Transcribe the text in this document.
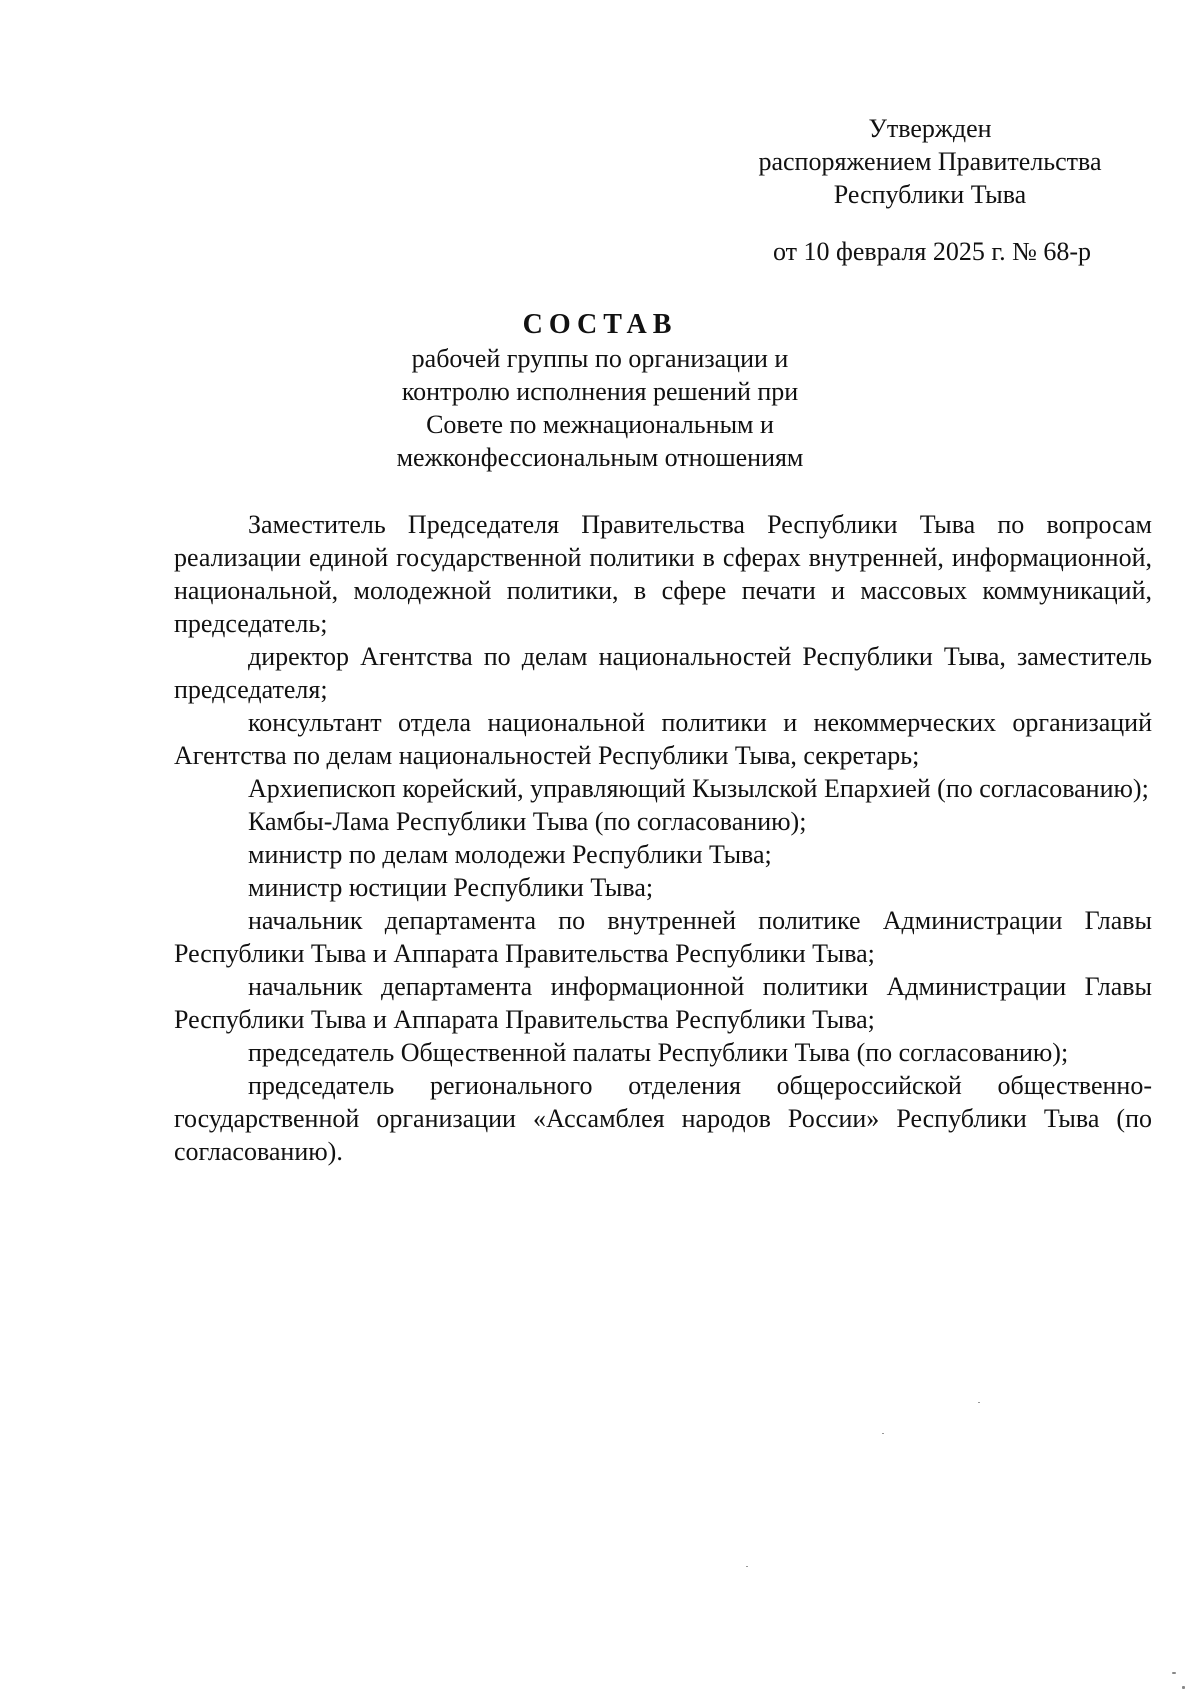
Утвержден
распоряжением Правительства
Республики Тыва
от 10 февраля 2025 г. № 68-р
СОСТАВ
рабочей группы по организации и
контролю исполнения решений при
Совете по межнациональным и
межконфессиональным отношениям

Заместитель Председателя Правительства Республики Тыва по вопросам реализации единой государственной политики в сферах внутренней, информационной, национальной, молодежной политики, в сфере печати и массовых коммуникаций, председатель;

директор Агентства по делам национальностей Республики Тыва, заместитель председателя;

консультант отдела национальной политики и некоммерческих организаций Агентства по делам национальностей Республики Тыва, секретарь;

Архиепископ корейский, управляющий Кызылской Епархией (по согласованию);

Камбы-Лама Республики Тыва (по согласованию);

министр по делам молодежи Республики Тыва;

министр юстиции Республики Тыва;

начальник департамента по внутренней политике Администрации Главы Республики Тыва и Аппарата Правительства Республики Тыва;

начальник департамента информационной политики Администрации Главы Республики Тыва и Аппарата Правительства Республики Тыва;

председатель Общественной палаты Республики Тыва (по согласованию);

председатель регионального отделения общероссийской общественно-государственной организации «Ассамблея народов России» Республики Тыва (по согласованию).
